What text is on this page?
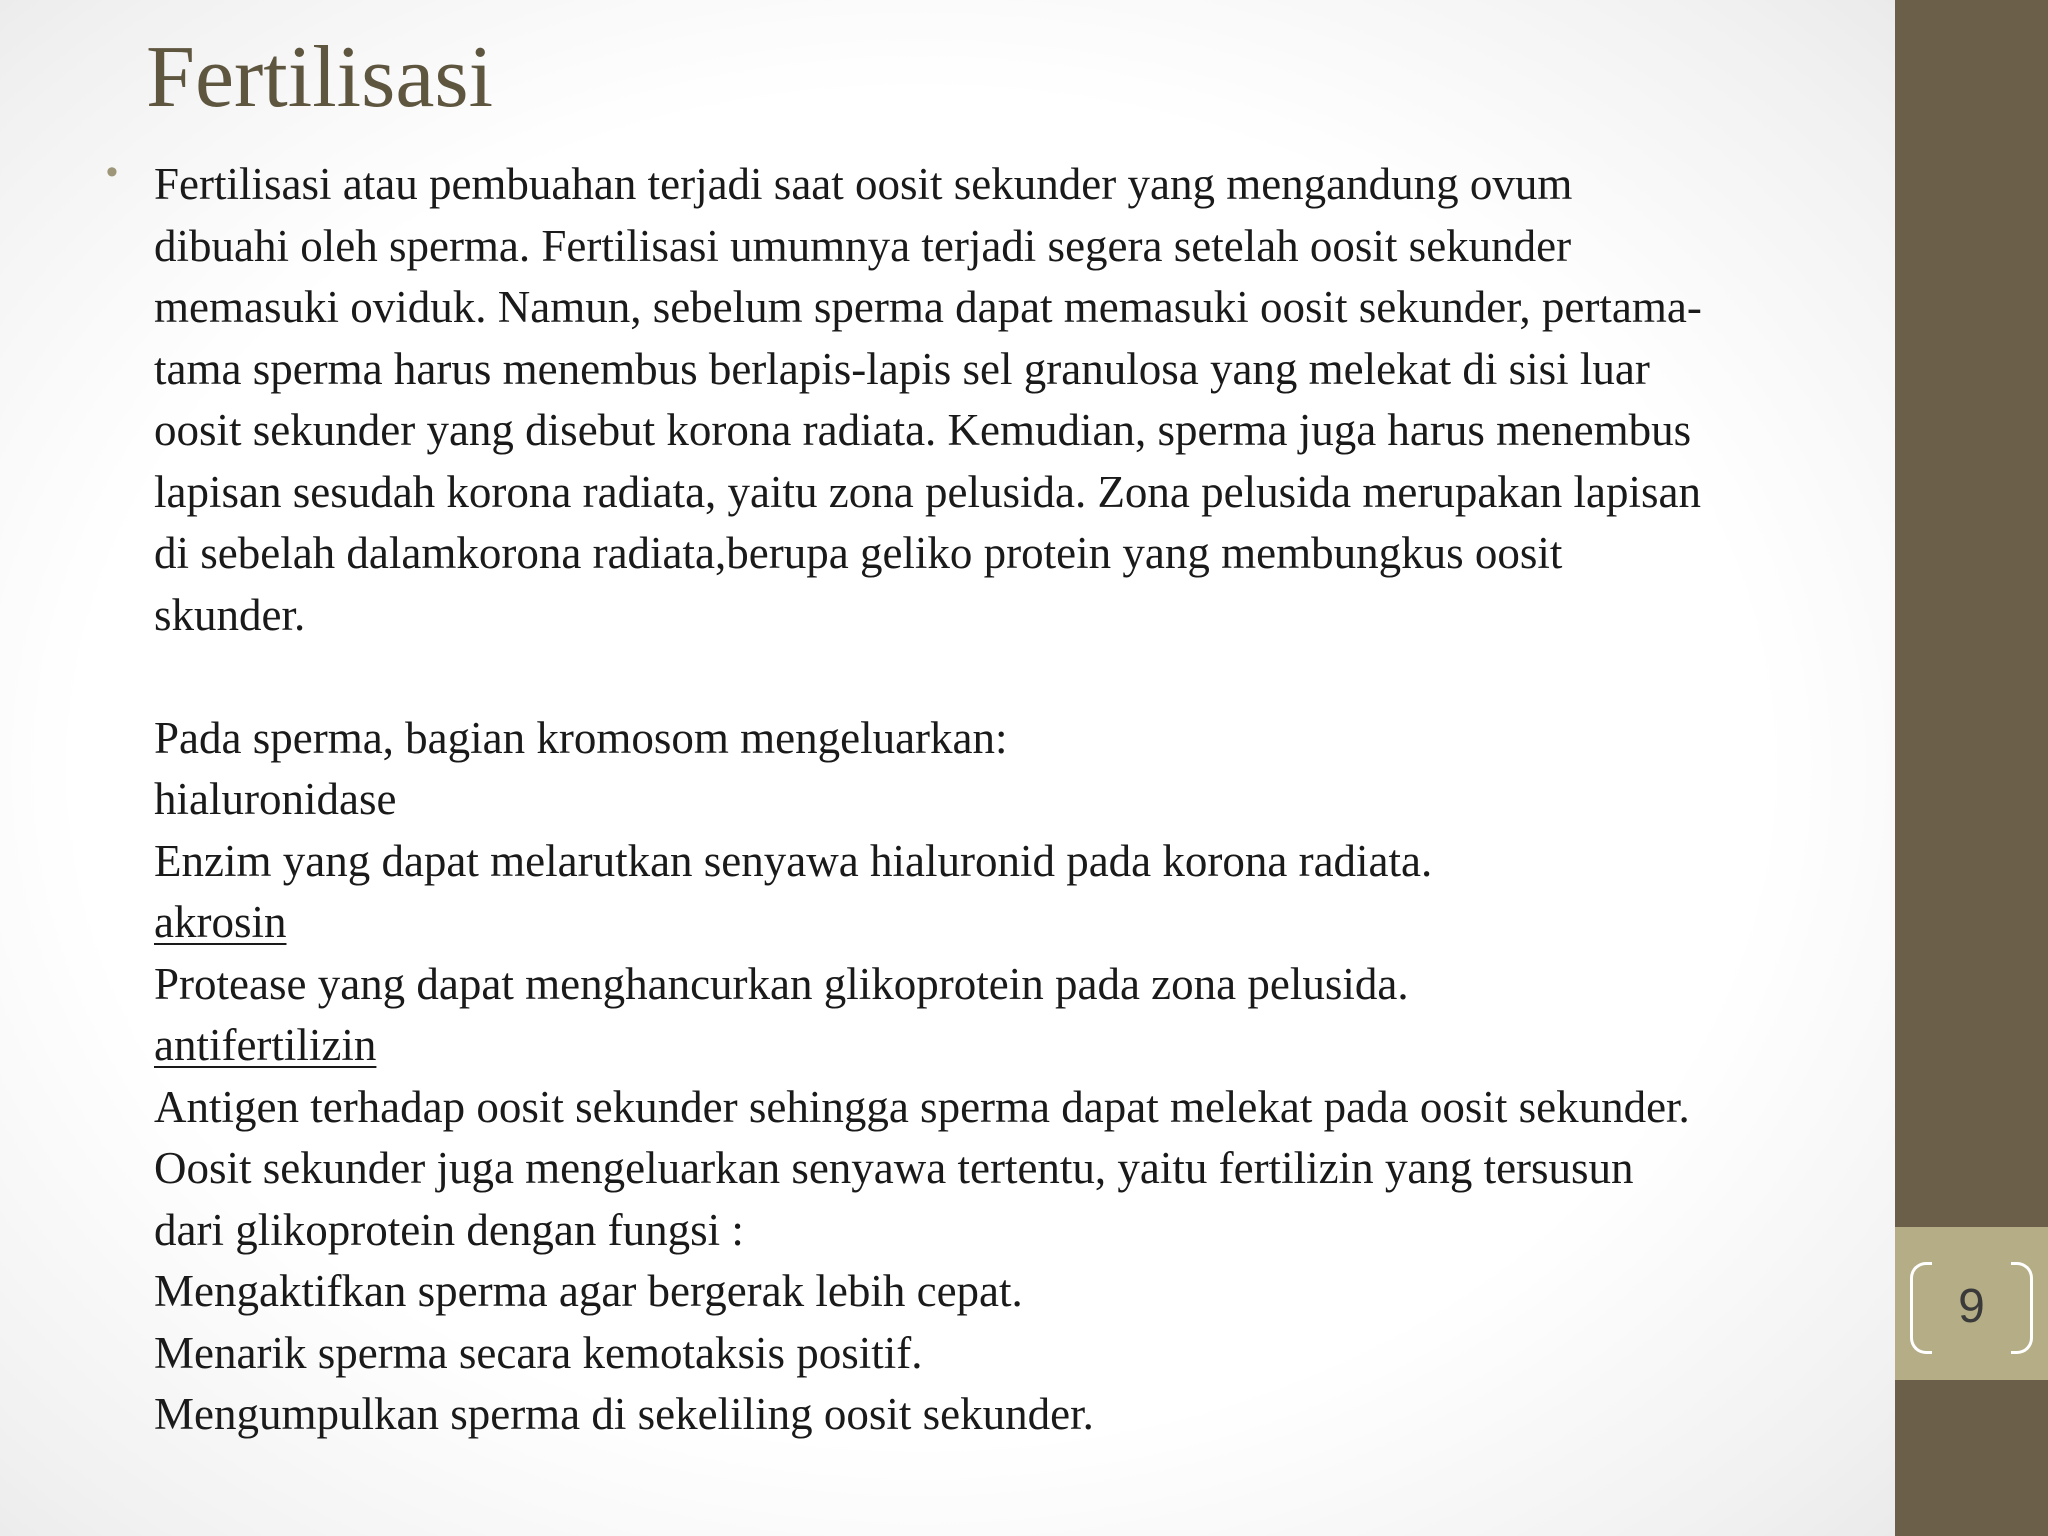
9
Fertilisasi
• Fertilisasi atau pembuahan terjadi saat oosit sekunder yang mengandung ovum
dibuahi oleh sperma. Fertilisasi umumnya terjadi segera setelah oosit sekunder
memasuki oviduk. Namun, sebelum sperma dapat memasuki oosit sekunder, pertama-
tama sperma harus menembus berlapis-lapis sel granulosa yang melekat di sisi luar
oosit sekunder yang disebut korona radiata. Kemudian, sperma juga harus menembus
lapisan sesudah korona radiata, yaitu zona pelusida. Zona pelusida merupakan lapisan
di sebelah dalamkorona radiata,berupa geliko protein yang membungkus oosit
skunder.
Pada sperma, bagian kromosom mengeluarkan:
hialuronidase
Enzim yang dapat melarutkan senyawa hialuronid pada korona radiata.
akrosin
Protease yang dapat menghancurkan glikoprotein pada zona pelusida.
antifertilizin
Antigen terhadap oosit sekunder sehingga sperma dapat melekat pada oosit sekunder.
Oosit sekunder juga mengeluarkan senyawa tertentu, yaitu fertilizin yang tersusun
dari glikoprotein dengan fungsi :
Mengaktifkan sperma agar bergerak lebih cepat.
Menarik sperma secara kemotaksis positif.
Mengumpulkan sperma di sekeliling oosit sekunder.
